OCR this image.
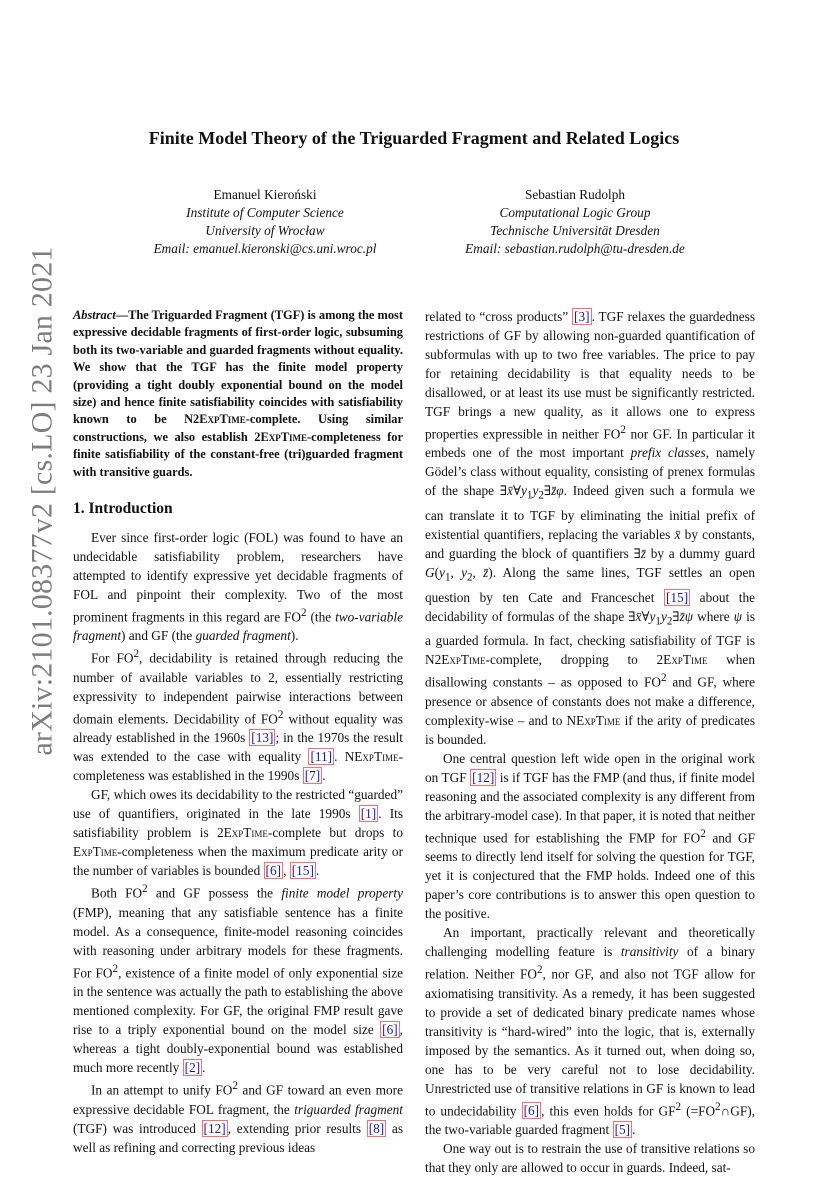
arXiv:2101.08377v2 [cs.LO] 23 Jan 2021
Finite Model Theory of the Triguarded Fragment and Related Logics
Emanuel Kieroński
Institute of Computer Science
University of Wrocław
Email: emanuel.kieronski@cs.uni.wroc.pl
Sebastian Rudolph
Computational Logic Group
Technische Universität Dresden
Email: sebastian.rudolph@tu-dresden.de

Abstract—The Triguarded Fragment (TGF) is among the most expressive decidable fragments of first-order logic, subsuming both its two-variable and guarded fragments without equality. We show that the TGF has the finite model property (providing a tight doubly exponential bound on the model size) and hence finite satisfiability coincides with satisfiability known to be N2ExpTime-complete. Using similar constructions, we also establish 2ExpTime-completeness for finite satisfiability of the constant-free (tri)guarded fragment with transitive guards.

1. Introduction

Ever since first-order logic (FOL) was found to have an undecidable satisfiability problem, researchers have attempted to identify expressive yet decidable fragments of FOL and pinpoint their complexity. Two of the most prominent fragments in this regard are $FO^2$ (the two-variable fragment) and GF (the guarded fragment).

For $FO^2$, decidability is retained through reducing the number of available variables to 2, essentially restricting expressivity to independent pairwise interactions between domain elements. Decidability of $FO^2$ without equality was already established in the 1960s [13] ; in the 1970s the result was extended to the case with equality [11] . NExpTime-completeness was established in the 1990s [7] .

GF, which owes its decidability to the restricted “guarded” use of quantifiers, originated in the late 1990s [1] . Its satisfiability problem is 2ExpTime-complete but drops to ExpTime-completeness when the maximum predicate arity or the number of variables is bounded [6] , [15] .

Both $FO^2$ and GF possess the finite model property (FMP), meaning that any satisfiable sentence has a finite model. As a consequence, finite-model reasoning coincides with reasoning under arbitrary models for these fragments. For $FO^2$, existence of a finite model of only exponential size in the sentence was actually the path to establishing the above mentioned complexity. For GF, the original FMP result gave rise to a triply exponential bound on the model size [6] , whereas a tight doubly-exponential bound was established much more recently [2] .

In an attempt to unify $FO^2$ and GF toward an even more expressive decidable FOL fragment, the triguarded fragment (TGF) was introduced [12] , extending prior results [8] as well as refining and correcting previous ideas

related to “cross products” [3] . TGF relaxes the guardedness restrictions of GF by allowing non-guarded quantification of subformulas with up to two free variables. The price to pay for retaining decidability is that equality needs to be disallowed, or at least its use must be significantly restricted. TGF brings a new quality, as it allows one to express properties expressible in neither $FO^2$ nor GF. In particular it embeds one of the most important prefix classes, namely Gödel’s class without equality, consisting of prenex formulas of the shape $\exists x̄\forall y_1y_2\exists z̄\varphi$. Indeed given such a formula we can translate it to TGF by eliminating the initial prefix of existential quantifiers, replacing the variables x̄ by constants, and guarding the block of quantifiers ∃z̄ by a dummy guard $G(y_1$, $y_2$, z̄). Along the same lines, TGF settles an open question by ten Cate and Franceschet [15] about the decidability of formulas of the shape $\exists x̄\forall y_1y_2\exists z̄\psi$ where ψ is a guarded formula. In fact, checking satisfiability of TGF is N2ExpTime-complete, dropping to 2ExpTime when disallowing constants – as opposed to $FO^2$ and GF, where presence or absence of constants does not make a difference, complexity-wise – and to NExpTime if the arity of predicates is bounded.

One central question left wide open in the original work on TGF [12] is if TGF has the FMP (and thus, if finite model reasoning and the associated complexity is any different from the arbitrary-model case). In that paper, it is noted that neither technique used for establishing the FMP for $FO^2$ and GF seems to directly lend itself for solving the question for TGF, yet it is conjectured that the FMP holds. Indeed one of this paper’s core contributions is to answer this open question to the positive.

An important, practically relevant and theoretically challenging modelling feature is transitivity of a binary relation. Neither $FO^2$, nor GF, and also not TGF allow for axiomatising transitivity. As a remedy, it has been suggested to provide a set of dedicated binary predicate names whose transitivity is “hard-wired” into the logic, that is, externally imposed by the semantics. As it turned out, when doing so, one has to be very careful not to lose decidability. Unrestricted use of transitive relations in GF is known to lead to undecidability [6] , this even holds for $GF^2$ $(=FO^2\cap GF)$, the two-variable guarded fragment [5] .

One way out is to restrain the use of transitive relations so that they only are allowed to occur in guards. Indeed, sat-
